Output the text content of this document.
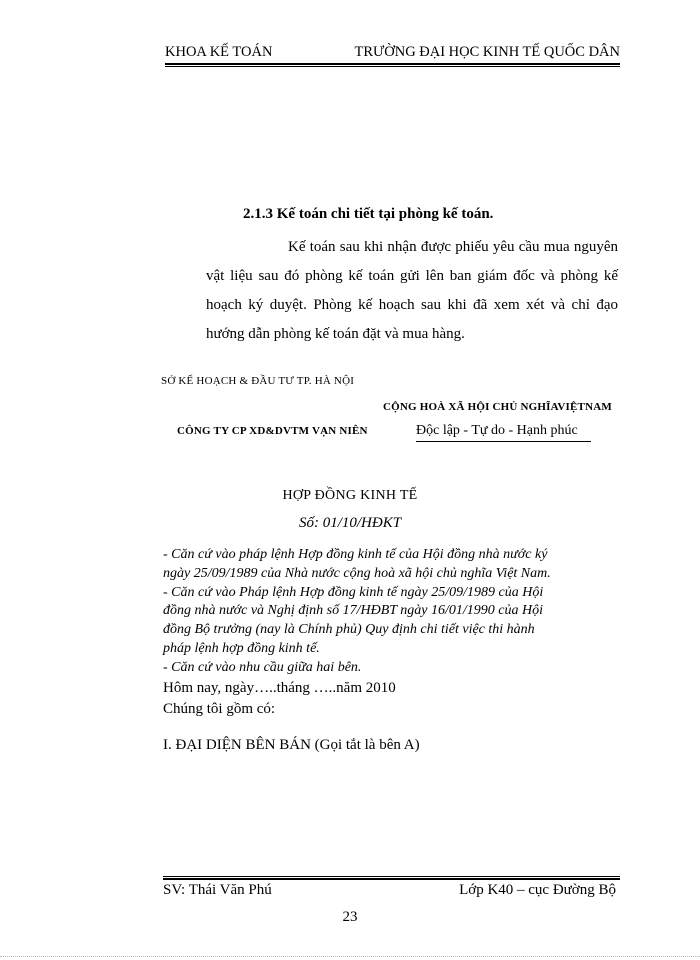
KHOA KẾ TOÁN	TRƯỜNG ĐẠI HỌC KINH TẾ QUỐC DÂN
2.1.3 Kế toán chi tiết tại phòng kế toán.

Kế toán sau khi nhận được phiếu yêu cầu mua nguyên vật liệu sau đó phòng kế toán gửi lên ban giám đốc và phòng kế hoạch ký duyệt. Phòng kế hoạch sau khi đã xem xét và chỉ đạo hướng dẫn phòng kế toán đặt và mua hàng.

SỞ KẾ HOẠCH & ĐẦU TƯ TP. HÀ NỘI
CỘNG HOÀ XÃ HỘI CHỦ NGHĨAVIỆTNAM
CÔNG TY CP XD&DVTM VẠN NIÊN	Độc lập - Tự do - Hạnh phúc
HỢP ĐỒNG KINH TẾ
Số: 01/10/HĐKT
- Căn cứ vào pháp lệnh Hợp đồng kinh tế của Hội đồng nhà nước ký
ngày 25/09/1989 của Nhà nước cộng hoà xã hội chủ nghĩa Việt Nam.
- Căn cứ vào Pháp lệnh Hợp đồng kinh tế ngày 25/09/1989 của Hội
đồng nhà nước và Nghị định số 17/HĐBT ngày 16/01/1990 của Hội
đồng Bộ trưởng (nay là Chính phủ) Quy định chi tiết việc thi hành
pháp lệnh hợp đồng kinh tế.
- Căn cứ vào nhu cầu giữa hai bên.
Hôm nay, ngày…..tháng …..năm 2010
Chúng tôi gồm có:
I. ĐẠI DIỆN BÊN BÁN (Gọi tắt là bên A)
SV: Thái Văn Phú	Lớp K40 – cục Đường Bộ
23
